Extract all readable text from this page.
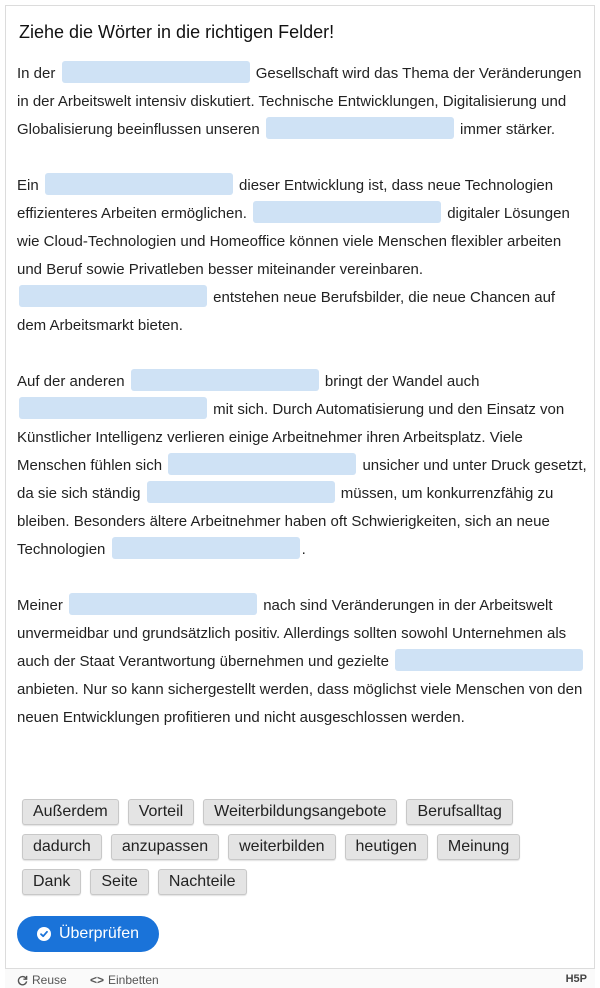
Ziehe die Wörter in die richtigen Felder!

In der	Gesellschaft wird das Thema der Veränderungen in der Arbeitswelt intensiv diskutiert. Technische Entwicklungen, Digitalisierung und Globalisierung beeinflussen unseren	immer stärker.

Ein	dieser Entwicklung ist, dass neue Technologien effizienteres Arbeiten ermöglichen.	digitaler Lösungen wie Cloud-Technologien und Homeoffice können viele Menschen flexibler arbeiten und Beruf sowie Privatleben besser miteinander vereinbaren.  entstehen neue Berufsbilder, die neue Chancen auf dem Arbeitsmarkt bieten.

Auf der anderen	bringt der Wandel auch  mit sich. Durch Automatisierung und den Einsatz von Künstlicher Intelligenz verlieren einige Arbeitnehmer ihren Arbeitsplatz. Viele Menschen fühlen sich	unsicher und unter Druck gesetzt, da sie sich ständig	müssen, um konkurrenzfähig zu bleiben. Besonders ältere Arbeitnehmer haben oft Schwierigkeiten, sich an neue Technologien	.

Meiner	nach sind Veränderungen in der Arbeitswelt unvermeidbar und grundsätzlich positiv. Allerdings sollten sowohl Unternehmen als auch der Staat Verantwortung übernehmen und gezielte  anbieten. Nur so kann sichergestellt werden, dass möglichst viele Menschen von den neuen Entwicklungen profitieren und nicht ausgeschlossen werden.

Außerdem	Vorteil	Weiterbildungsangebote	Berufsalltag
dadurch	anzupassen	weiterbilden	heutigen	Meinung
Dank	Seite	Nachteile
Überprüfen
Reuse <> Einbetten	H5P
